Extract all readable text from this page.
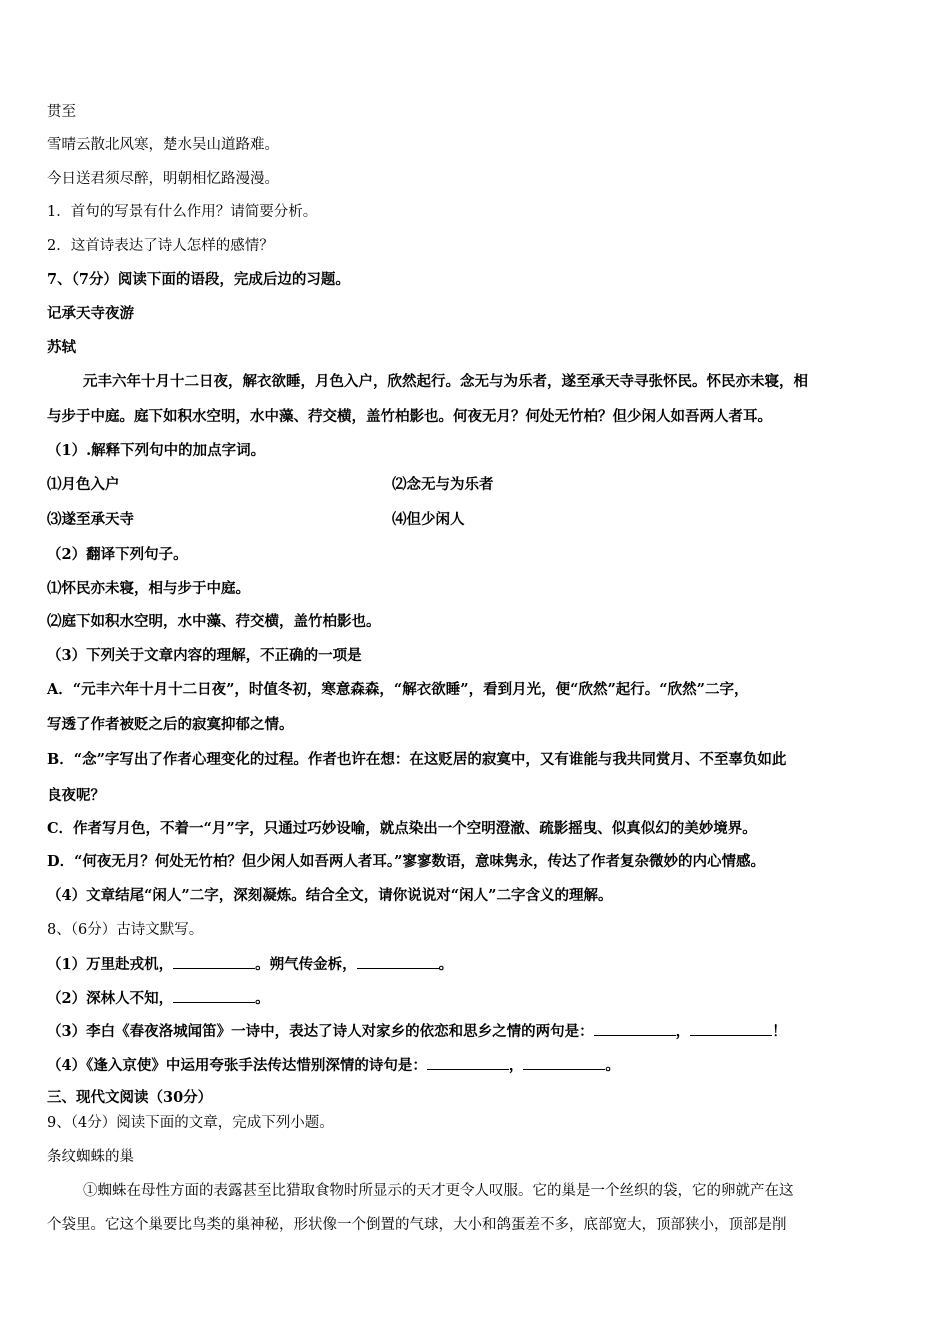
贯至
雪晴云散北风寒，楚水吴山道路难。
今日送君须尽醉，明朝相忆路漫漫。
1．首句的写景有什么作用？请简要分析。
2．这首诗表达了诗人怎样的感情？
7、（7分）阅读下面的语段，完成后边的习题。
记承天寺夜游
苏轼
元丰六年十月十二日夜，解衣欲睡，月色入户，欣然起行。念无与为乐者，遂至承天寺寻张怀民。怀民亦未寝，相
与步于中庭。庭下如积水空明，水中藻、荇交横，盖竹柏影也。何夜无月？何处无竹柏？但少闲人如吾两人者耳。
（1）.解释下列句中的加点字词。
⑴月色入户	⑵念无与为乐者
⑶遂至承天寺	⑷但少闲人
（2）翻译下列句子。
⑴怀民亦未寝，相与步于中庭。
⑵庭下如积水空明，水中藻、荇交横，盖竹柏影也。
（3）下列关于文章内容的理解，不正确的一项是
A．“元丰六年十月十二日夜”，时值冬初，寒意森森，“解衣欲睡”，看到月光，便“欣然”起行。“欣然”二字，
写透了作者被贬之后的寂寞抑郁之情。
B．“念”字写出了作者心理变化的过程。作者也许在想：在这贬居的寂寞中，又有谁能与我共同赏月、不至辜负如此
良夜呢？
C．作者写月色，不着一“月”字，只通过巧妙设喻，就点染出一个空明澄澈、疏影摇曳、似真似幻的美妙境界。
D．“何夜无月？何处无竹柏？但少闲人如吾两人者耳。”寥寥数语，意味隽永，传达了作者复杂微妙的内心情感。
（4）文章结尾“闲人”二字，深刻凝炼。结合全文，请你说说对“闲人”二字含义的理解。
8、（6分）古诗文默写。
（1）万里赴戎机，	。朔气传金柝，	。
（2）深林人不知，	。
（3）李白《春夜洛城闻笛》一诗中，表达了诗人对家乡的依恋和思乡之情的两句是：	，	！
（4）《逢入京使》中运用夸张手法传达惜别深情的诗句是：	，	。
三、现代文阅读（30分）
9、（4分）阅读下面的文章，完成下列小题。
条纹蜘蛛的巢
①蜘蛛在母性方面的表露甚至比猎取食物时所显示的天才更令人叹服。它的巢是一个丝织的袋，它的卵就产在这
个袋里。它这个巢要比鸟类的巢神秘，形状像一个倒置的气球，大小和鸽蛋差不多，底部宽大，顶部狭小，顶部是削
